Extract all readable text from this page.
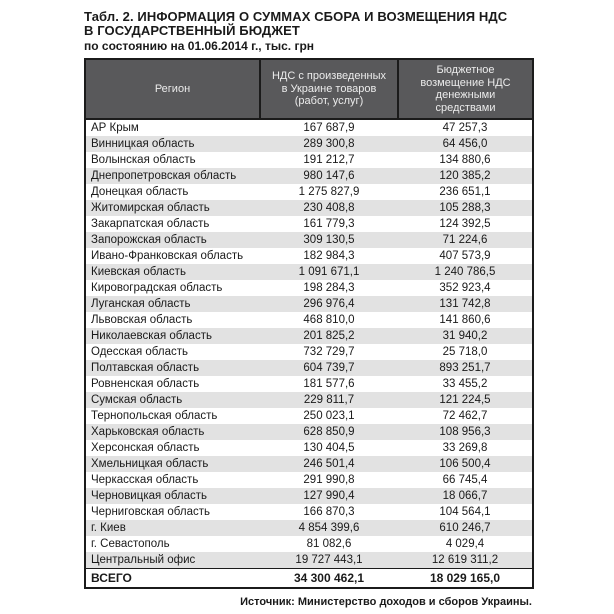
Табл. 2. ИНФОРМАЦИЯ О СУММАХ СБОРА И ВОЗМЕЩЕНИЯ НДС
В ГОСУДАРСТВЕННЫЙ БЮДЖЕТ
по состоянию на 01.06.2014 г., тыс. грн
Регион	НДС с произведенных в Украине товаров (работ, услуг)	Бюджетное возмещение НДС денежными средствами
АР Крым	167 687,9	47 257,3
Винницкая область	289 300,8	64 456,0
Волынская область	191 212,7	134 880,6
Днепропетровская область	980 147,6	120 385,2
Донецкая область	1 275 827,9	236 651,1
Житомирская область	230 408,8	105 288,3
Закарпатская область	161 779,3	124 392,5
Запорожская область	309 130,5	71 224,6
Ивано-Франковская область	182 984,3	407 573,9
Киевская область	1 091 671,1	1 240 786,5
Кировоградская область	198 284,3	352 923,4
Луганская область	296 976,4	131 742,8
Львовская область	468 810,0	141 860,6
Николаевская область	201 825,2	31 940,2
Одесская область	732 729,7	25 718,0
Полтавская область	604 739,7	893 251,7
Ровненская область	181 577,6	33 455,2
Сумская область	229 811,7	121 224,5
Тернопольская область	250 023,1	72 462,7
Харьковская область	628 850,9	108 956,3
Херсонская область	130 404,5	33 269,8
Хмельницкая область	246 501,4	106 500,4
Черкасская область	291 990,8	66 745,4
Черновицкая область	127 990,4	18 066,7
Черниговская область	166 870,3	104 564,1
г. Киев	4 854 399,6	610 246,7
г. Севастополь	81 082,6	4 029,4
Центральный офис	19 727 443,1	12 619 311,2
ВСЕГО	34 300 462,1	18 029 165,0
Источник: Министерство доходов и сборов Украины.
